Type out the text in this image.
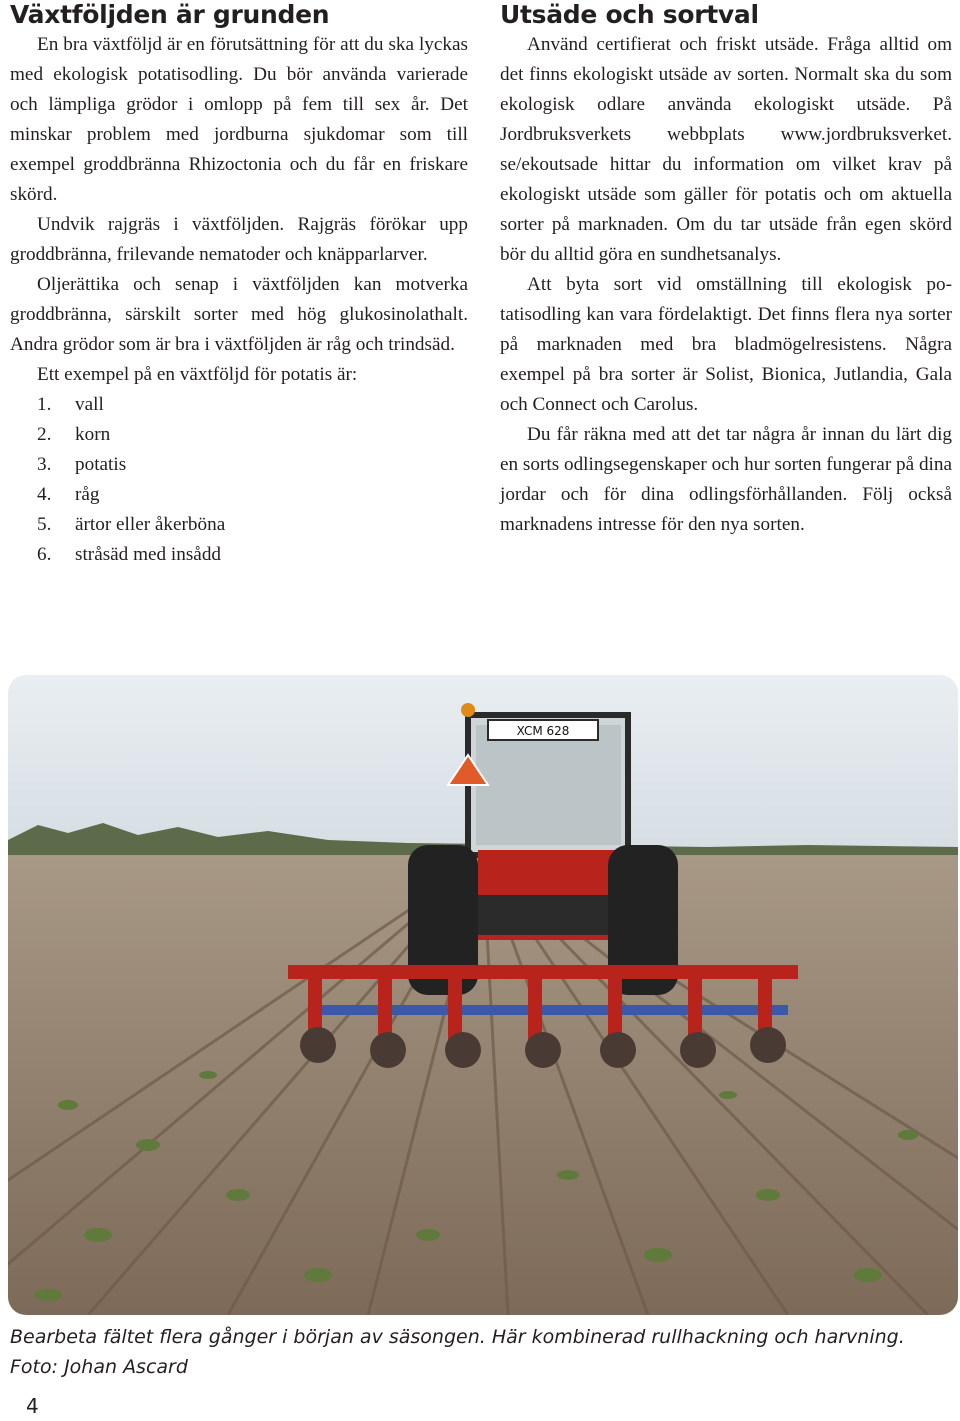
Växtföljden är grunden

En bra växtföljd är en förutsättning för att du ska lyckas med ekologisk potatisodling. Du bör använda varierade och lämpliga grödor i omlopp på fem till sex år. Det minskar problem med jordburna sjukdomar som till exempel groddbränna Rhizoctonia och du får en friskare skörd.

Undvik rajgräs i växtföljden. Rajgräs förökar upp groddbränna, frilevande nematoder och knäpparlarver.

Oljerättika och senap i växtföljden kan motverka groddbränna, särskilt sorter med hög glukosinolathalt. Andra grödor som är bra i växtföljden är råg och trindsäd.

Ett exempel på en växtföljd för potatis är:

1. vall
2. korn
3. potatis
4. råg
5. ärtor eller åkerböna
6. stråsäd med insådd
Utsäde och sortval

Använd certifierat och friskt utsäde. Fråga alltid om det finns ekologiskt utsäde av sorten. Normalt ska du som ekologisk odlare använda ekologiskt utsäde. På Jordbruksverkets webbplats www.jordbruksverket. se/ekoutsade hittar du information om vilket krav på ekologiskt utsäde som gäller för potatis och om aktuella sorter på marknaden. Om du tar utsäde från egen skörd bör du alltid göra en sundhetsanalys.

Att byta sort vid omställning till ekologisk potatisodling kan vara fördelaktigt. Det finns flera nya sorter på marknaden med bra bladmögelresistens. Några exempel på bra sorter är Solist, Bionica, Jutlandia, Gala och Connect och Carolus.

Du får räkna med att det tar några år innan du lärt dig en sorts odlingsegenskaper och hur sorten fungerar på dina jordar och för dina odlingsförhållanden. Följ också marknadens intresse för den nya sorten.

XCM 628

Bearbeta fältet flera gånger i början av säsongen. Här kombinerad rullhackning och harvning.
Foto: Johan Ascard

4
